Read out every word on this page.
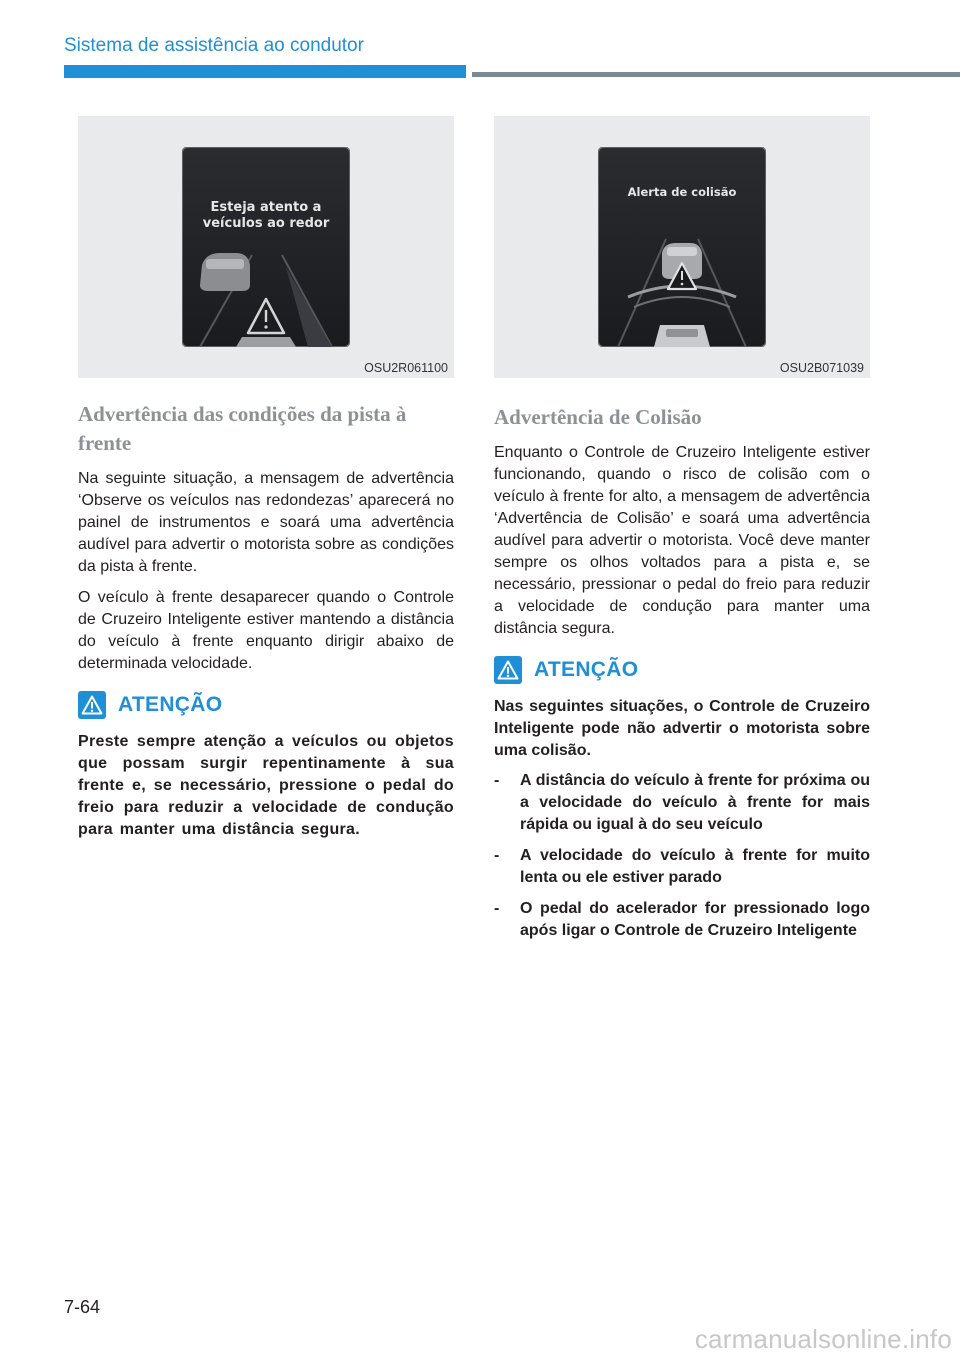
Sistema de assistência ao condutor
Esteja atento a
veículos ao redor
OSU2R061100
Alerta de colisão
OSU2B071039
Advertência das condições da pista à frente

Na seguinte situação, a mensagem de advertência ‘Observe os veículos nas redondezas’ aparecerá no painel de instrumentos e soará uma advertência audível para advertir o motorista sobre as condições da pista à frente.

O veículo à frente desaparecer quando o Controle de Cruzeiro Inteligente estiver mantendo a distância do veículo à frente enquanto dirigir abaixo de determinada velocidade.

ATENÇÃO

Preste sempre atenção a veículos ou objetos que possam surgir repentinamente à sua frente e, se necessário, pressione o pedal do freio para reduzir a velocidade de condução para manter uma distância segura.

Advertência de Colisão

Enquanto o Controle de Cruzeiro Inteligente estiver funcionando, quando o risco de colisão com o veículo à frente for alto, a mensagem de advertência ‘Advertência de Colisão’ e soará uma advertência audível para advertir o motorista. Você deve manter sempre os olhos voltados para a pista e, se necessário, pressionar o pedal do freio para reduzir a velocidade de condução para manter uma distância segura.

ATENÇÃO

Nas seguintes situações, o Controle de Cruzeiro Inteligente pode não advertir o motorista sobre uma colisão.

- A distância do veículo à frente for próxima ou a velocidade do veículo à frente for mais rápida ou igual à do seu veículo
- A velocidade do veículo à frente for muito lenta ou ele estiver parado
- O pedal do acelerador for pressionado logo após ligar o Controle de Cruzeiro Inteligente
7-64
carmanualsonline.info
